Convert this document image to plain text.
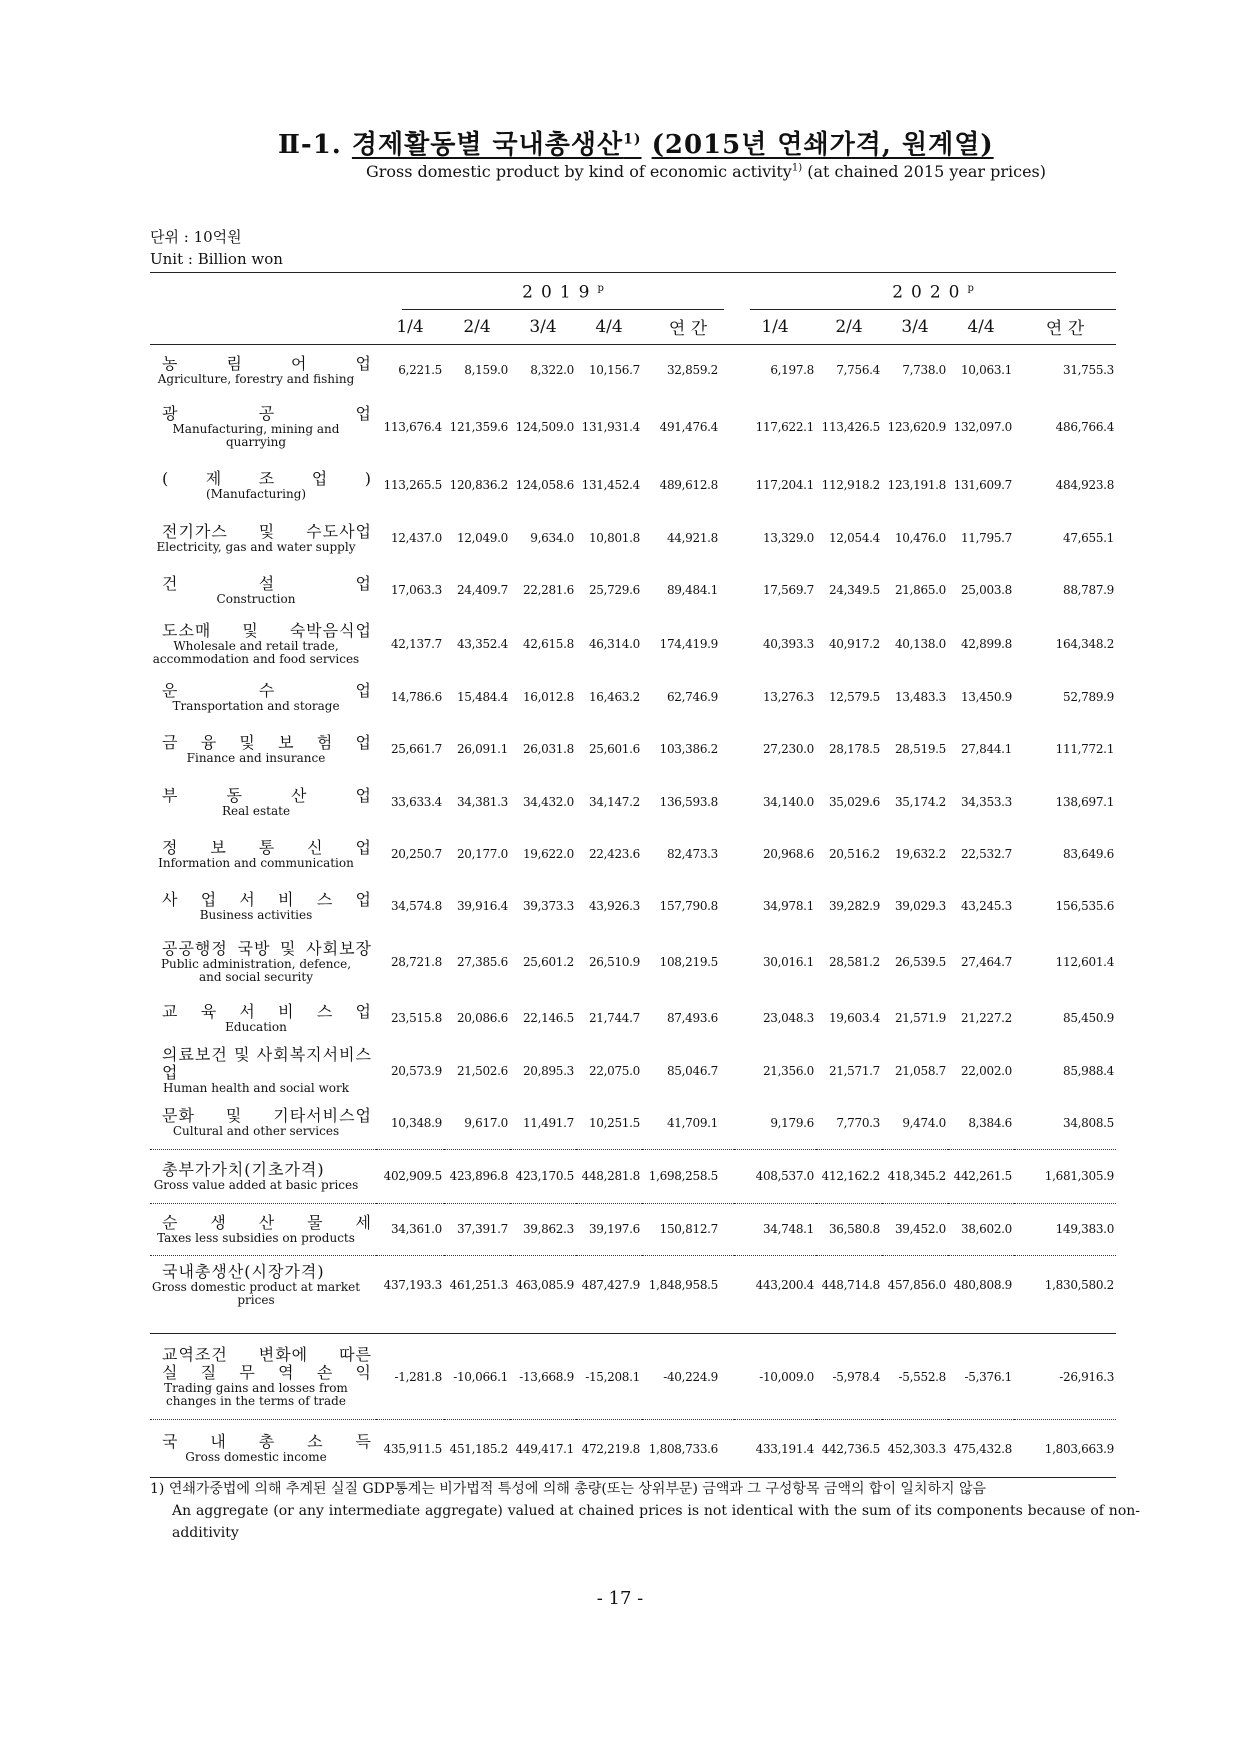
Ⅱ-1. 경제활동별 국내총생산$^{1)}$ (2015년 연쇄가격, 원계열)
Gross domestic product by kind of economic activity$^{1)}$ (at chained 2015 year prices)
단위 : 10억원
Unit : Billion won

	2019$^p$					2020$^p$

	1/4	2/4	3/4	4/4	연 간	1/4	2/4	3/4	4/4	연 간

농 림 어 업
Agriculture, forestry and fishing	6,221.5	8,159.0	8,322.0	10,156.7	32,859.2	6,197.8	7,756.4	7,738.0	10,063.1	31,755.3

광 공 업
Manufacturing, mining and quarrying	113,676.4	121,359.6	124,509.0	131,931.4	491,476.4	117,622.1	113,426.5	123,620.9	132,097.0	486,766.4

( 제 조 업 )
(Manufacturing)	113,265.5	120,836.2	124,058.6	131,452.4	489,612.8	117,204.1	112,918.2	123,191.8	131,609.7	484,923.8

전기가스 및 수도사업
Electricity, gas and water supply	12,437.0	12,049.0	9,634.0	10,801.8	44,921.8	13,329.0	12,054.4	10,476.0	11,795.7	47,655.1

건 설 업
Construction	17,063.3	24,409.7	22,281.6	25,729.6	89,484.1	17,569.7	24,349.5	21,865.0	25,003.8	88,787.9

도소매 및 숙박음식업
Wholesale and retail trade, accommodation and food services	42,137.7	43,352.4	42,615.8	46,314.0	174,419.9	40,393.3	40,917.2	40,138.0	42,899.8	164,348.2

운 수 업
Transportation and storage	14,786.6	15,484.4	16,012.8	16,463.2	62,746.9	13,276.3	12,579.5	13,483.3	13,450.9	52,789.9

금 융 및 보 험 업
Finance and insurance	25,661.7	26,091.1	26,031.8	25,601.6	103,386.2	27,230.0	28,178.5	28,519.5	27,844.1	111,772.1

부 동 산 업
Real estate	33,633.4	34,381.3	34,432.0	34,147.2	136,593.8	34,140.0	35,029.6	35,174.2	34,353.3	138,697.1

정 보 통 신 업
Information and communication	20,250.7	20,177.0	19,622.0	22,423.6	82,473.3	20,968.6	20,516.2	19,632.2	22,532.7	83,649.6

사 업 서 비 스 업
Business activities	34,574.8	39,916.4	39,373.3	43,926.3	157,790.8	34,978.1	39,282.9	39,029.3	43,245.3	156,535.6

공공행정 국방 및 사회보장
Public administration, defence, and social security	28,721.8	27,385.6	25,601.2	26,510.9	108,219.5	30,016.1	28,581.2	26,539.5	27,464.7	112,601.4

교 육 서 비 스 업
Education	23,515.8	20,086.6	22,146.5	21,744.7	87,493.6	23,048.3	19,603.4	21,571.9	21,227.2	85,450.9

의료보건 및 사회복지서비스업
Human health and social work	20,573.9	21,502.6	20,895.3	22,075.0	85,046.7	21,356.0	21,571.7	21,058.7	22,002.0	85,988.4

문화 및 기타서비스업
Cultural and other services	10,348.9	9,617.0	11,491.7	10,251.5	41,709.1	9,179.6	7,770.3	9,474.0	8,384.6	34,808.5

총부가가치(기초가격)
Gross value added at basic prices	402,909.5	423,896.8	423,170.5	448,281.8	1,698,258.5	408,537.0	412,162.2	418,345.2	442,261.5	1,681,305.9

순 생 산 물 세
Taxes less subsidies on products	34,361.0	37,391.7	39,862.3	39,197.6	150,812.7	34,748.1	36,580.8	39,452.0	38,602.0	149,383.0

국내총생산(시장가격)
Gross domestic product at market prices	437,193.3	461,251.3	463,085.9	487,427.9	1,848,958.5	443,200.4	448,714.8	457,856.0	480,808.9	1,830,580.2

교역조건 변화에 따른
실 질 무 역 손 익
Trading gains and losses from changes in the terms of trade	-1,281.8	-10,066.1	-13,668.9	-15,208.1	-40,224.9	-10,009.0	-5,978.4	-5,552.8	-5,376.1	-26,916.3

국 내 총 소 득
Gross domestic income	435,911.5	451,185.2	449,417.1	472,219.8	1,808,733.6	433,191.4	442,736.5	452,303.3	475,432.8	1,803,663.9
1) 연쇄가중법에 의해 추계된 실질 GDP통계는 비가법적 특성에 의해 총량(또는 상위부문) 금액과 그 구성항목 금액의 합이 일치하지 않음
An aggregate (or any intermediate aggregate) valued at chained prices is not identical with the sum of its components because of non-additivity
- 17 -
